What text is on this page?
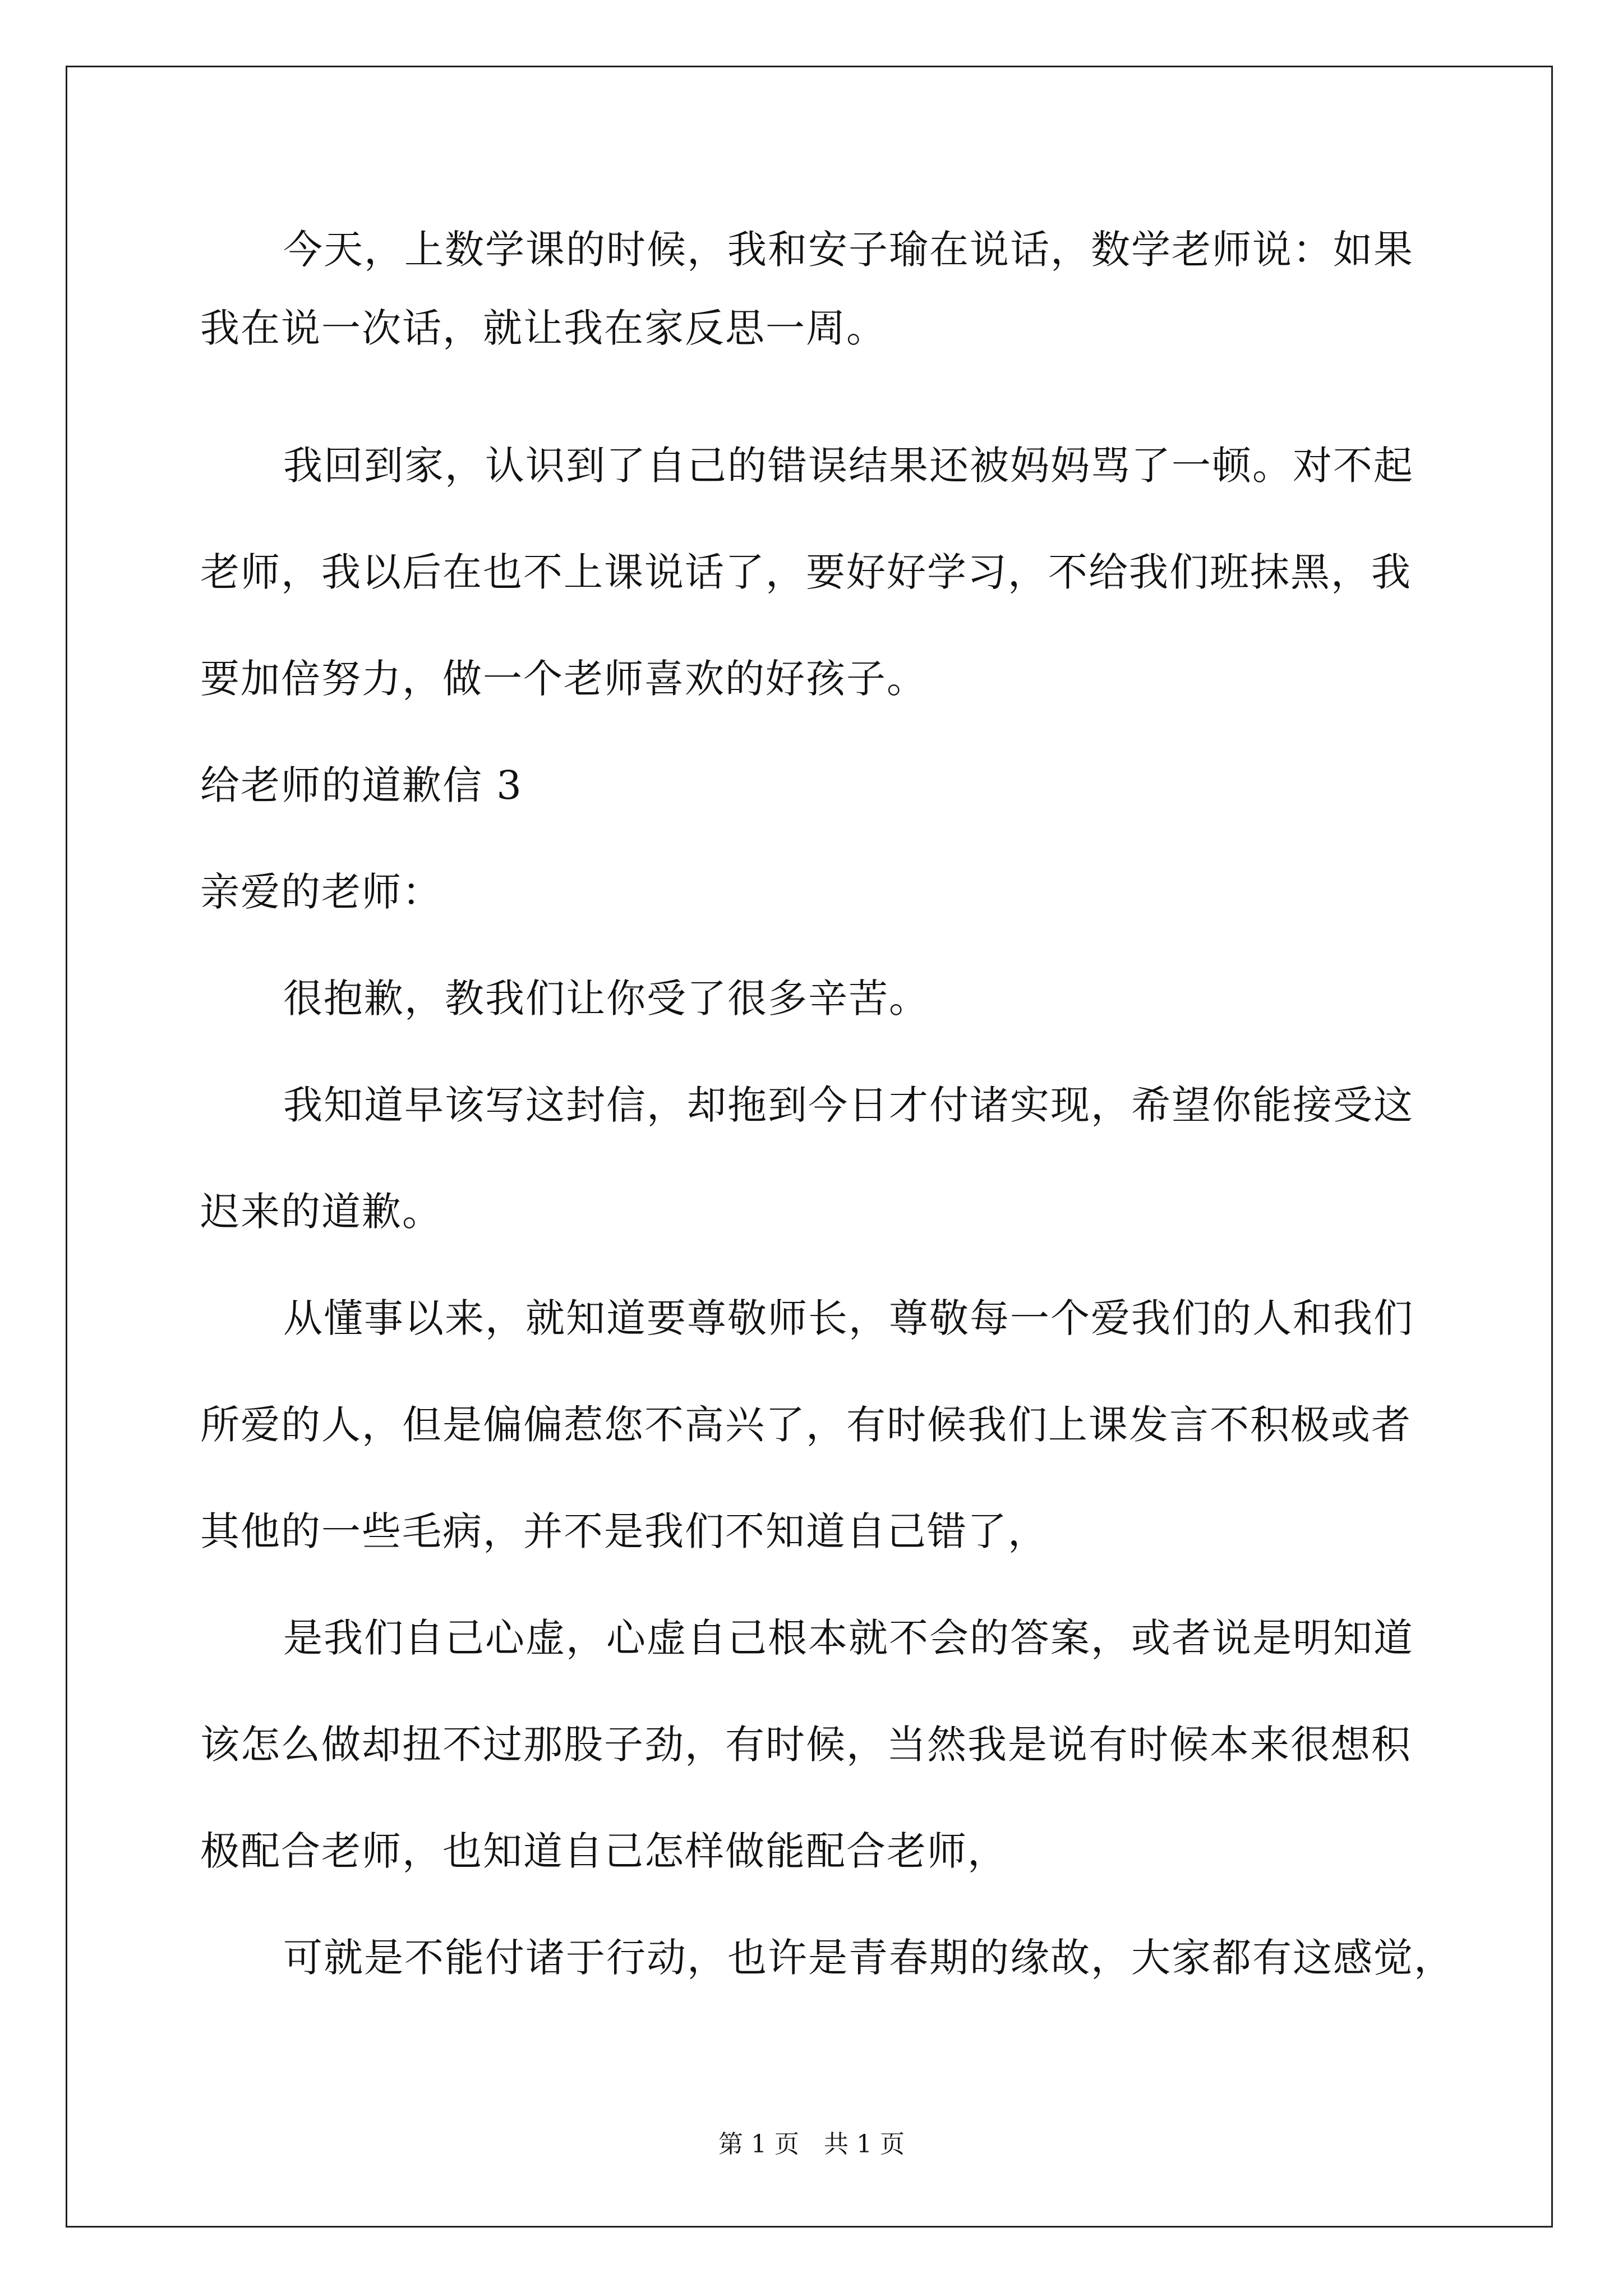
今天，上数学课的时候，我和安子瑜在说话，数学老师说：如果
我在说一次话，就让我在家反思一周。
我回到家，认识到了自己的错误结果还被妈妈骂了一顿。对不起
老师，我以后在也不上课说话了，要好好学习，不给我们班抹黑，我
要加倍努力，做一个老师喜欢的好孩子。
给老师的道歉信 3
亲爱的老师：
很抱歉，教我们让你受了很多辛苦。
我知道早该写这封信，却拖到今日才付诸实现，希望你能接受这
迟来的道歉。
从懂事以来，就知道要尊敬师长，尊敬每一个爱我们的人和我们
所爱的人，但是偏偏惹您不高兴了，有时候我们上课发言不积极或者
其他的一些毛病，并不是我们不知道自己错了，
是我们自己心虚，心虚自己根本就不会的答案，或者说是明知道
该怎么做却扭不过那股子劲，有时候，当然我是说有时候本来很想积
极配合老师，也知道自己怎样做能配合老师，
可就是不能付诸于行动，也许是青春期的缘故，大家都有这感觉，
第 1 页　共 1 页
